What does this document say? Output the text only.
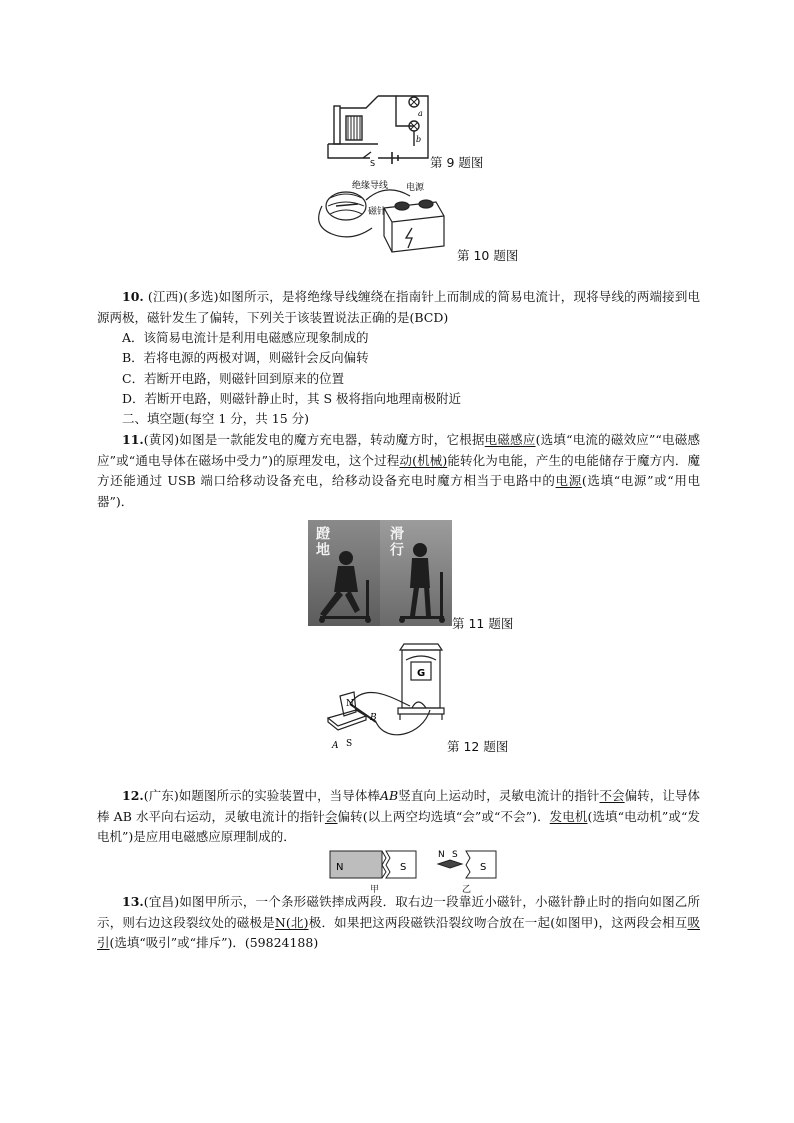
a
b
S	第 9 题图
绝缘导线 电源
磁针
第 10 题图
10. (江西)(多选)如图所示，是将绝缘导线缠绕在指南针上而制成的简易电流计，现将导线的两端接到电源两极，磁针发生了偏转，下列关于该装置说法正确的是(BCD)
A．该简易电流计是利用电磁感应现象制成的
B．若将电源的两极对调，则磁针会反向偏转
C．若断开电路，则磁针回到原来的位置
D．若断开电路，则磁针静止时，其 S 极将指向地理南极附近
二、填空题(每空 1 分，共 15 分)
11.(黄冈)如图是一款能发电的魔方充电器，转动魔方时，它根据电磁感应(选填“电流的磁效应”“电磁感应”或“通电导体在磁场中受力”)的原理发电，这个过程动(机械)能转化为电能，产生的电能储存于魔方内．魔方还能通过 USB 端口给移动设备充电，给移动设备充电时魔方相当于电路中的电源(选填“电源”或“用电器”)．
蹬地	滑行
第 11 题图
N
S
A
B
G
第 12 题图
12.(广东)如题图所示的实验装置中，当导体棒AB竖直向上运动时，灵敏电流计的指针不会偏转，让导体棒 AB 水平向右运动，灵敏电流计的指针会偏转(以上两空均选填“会”或“不会”)．发电机(选填“电动机”或“发电机”)是应用电磁感应原理制成的．
N	S	S
N S
甲	乙
13.(宜昌)如图甲所示，一个条形磁铁摔成两段．取右边一段靠近小磁针，小磁针静止时的指向如图乙所示，则右边这段裂纹处的磁极是N(北)极．如果把这两段磁铁沿裂纹吻合放在一起(如图甲)，这两段会相互吸引(选填“吸引”或“排斥”)．(59824188)
